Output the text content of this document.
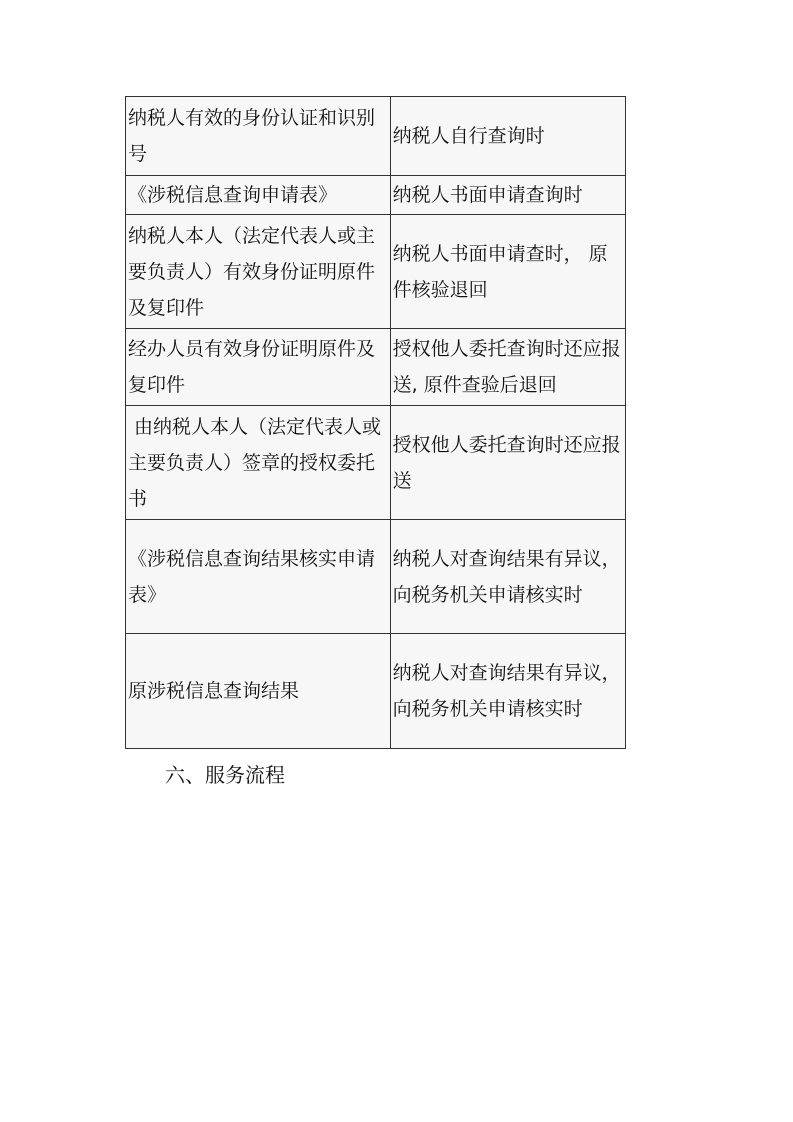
纳税人有效的身份认证和识别号	纳税人自行查询时
《涉税信息查询申请表》	纳税人书面申请查询时
纳税人本人（法定代表人或主要负责人）有效身份证明原件及复印件	纳税人书面申请查时， 原件核验退回
经办人员有效身份证明原件及复印件	授权他人委托查询时还应报送, 原件查验后退回
由纳税人本人（法定代表人或主要负责人）签章的授权委托书	授权他人委托查询时还应报送
《涉税信息查询结果核实申请表》	纳税人对查询结果有异议， 向税务机关申请核实时
原涉税信息查询结果	纳税人对查询结果有异议， 向税务机关申请核实时
六、服务流程
